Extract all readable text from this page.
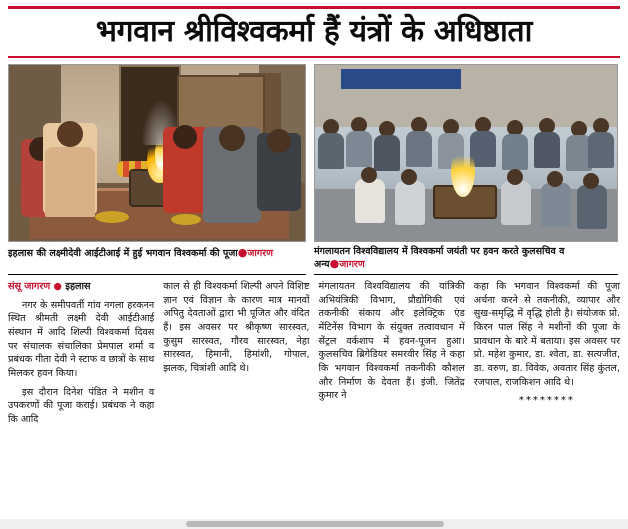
भगवान श्रीविश्वकर्मा हैं यंत्रों के अधिष्ठाता
इहलास की लक्ष्मीदेवी आईटीआई में हुई भगवान विश्वकर्मा की पूजा●जागरण	मंगलायतन विश्वविद्यालय में विश्वकर्मा जयंती पर हवन करते कुलसचिव व अन्य●जागरण

संसू जागरण ● इहलास

नगर के समीपवर्ती गांव नगला हरकनन स्थित श्रीमती लक्ष्मी देवी आईटीआई संस्थान में आदि शिल्पी विश्वकर्मा दिवस पर संचालक संचालिका प्रेमपाल शर्मा व प्रबंधक गीता देवी ने स्टाफ व छात्रों के साथ मिलकर हवन किया।

इस दौरान दिनेश पंडित ने मशीन व उपकरणों की पूजा कराई। प्रबंधक ने कहा कि आदि

काल से ही विश्वकर्मा शिल्पी अपने विशिष्ट ज्ञान एवं विज्ञान के कारण मात्र मानवों अपितु देवताओं द्वारा भी पूजित और वंदित हैं। इस अवसर पर श्रीकृष्ण सारस्वत, कुसुम सारस्वत, गौरव सारस्वत, नेहा सारस्वत, हिमानी, हिमांशी, गोपाल, झलक, चित्रांशी आदि थे।

मंगलायतन विश्वविद्यालय की यांत्रिकी अभियंत्रिकी विभाग, प्रौद्योगिकी एवं तकनीकी संकाय और इलेक्ट्रिक एंड मेंटिनेंस विभाग के संयुक्त तत्वावधान में सेंट्रल वर्कशाप में हवन-पूजन हुआ। कुलसचिव ब्रिगेडियर समरवीर सिंह ने कहा कि भगवान विश्वकर्मा तकनीकी कौशल और निर्माण के देवता हैं। इंजी. जितेंद्र कुमार ने

कहा कि भगवान विश्वकर्मा की पूजा अर्चना करने से तकनीकी, व्यापार और सुख-समृद्धि में वृद्धि होती है। संयोजक प्रो. किरन पाल सिंह ने मशीनों की पूजा के प्रावधान के बारे में बताया। इस अवसर पर प्रो. महेश कुमार, डा. श्वेता, डा. सत्यजीत, डा. वरुण, डा. विवेक, अवतार सिंह कुंतल, रजपाल, राजकिशन आदि थे।

********
